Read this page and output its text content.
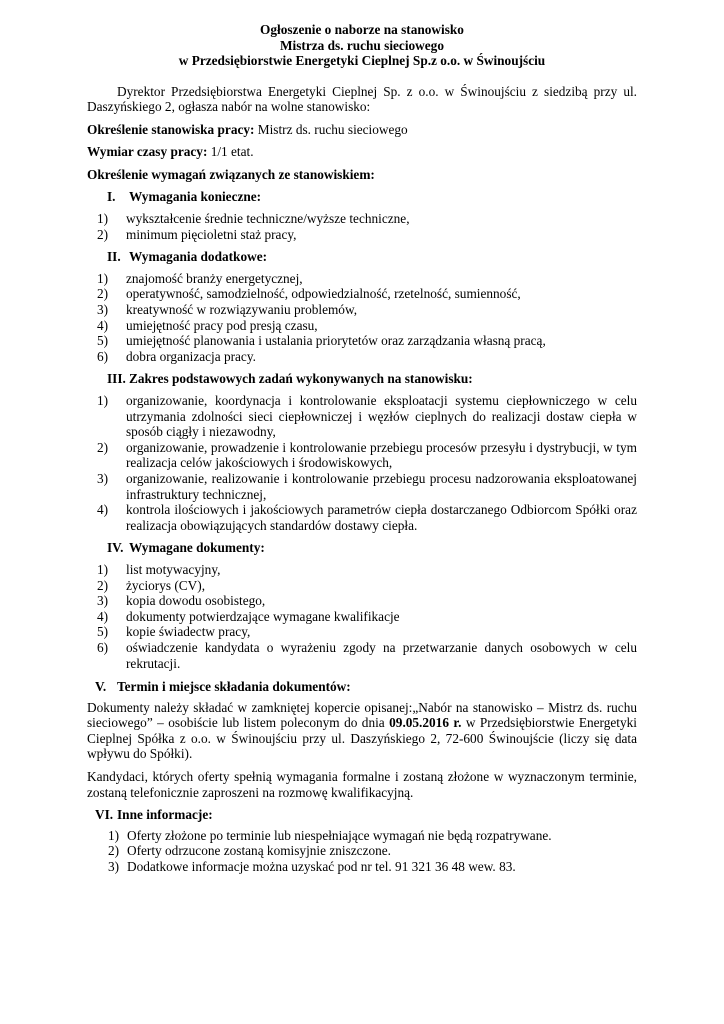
Ogłoszenie o naborze na stanowisko
Mistrza ds. ruchu sieciowego
w Przedsiębiorstwie Energetyki Cieplnej Sp.z o.o. w Świnoujściu
Dyrektor Przedsiębiorstwa Energetyki Cieplnej Sp. z o.o. w Świnoujściu z siedzibą przy ul. Daszyńskiego 2, ogłasza nabór na wolne stanowisko:
Określenie stanowiska pracy: Mistrz ds. ruchu sieciowego
Wymiar czasy pracy: 1/1 etat.
Określenie wymagań związanych ze stanowiskiem:
I.	Wymagania konieczne:
1)	wykształcenie średnie techniczne/wyższe techniczne,
2)	minimum pięcioletni staż pracy,
II. Wymagania dodatkowe:
1)	znajomość branży energetycznej,
2)	operatywność, samodzielność, odpowiedzialność, rzetelność, sumienność,
3)	kreatywność w rozwiązywaniu problemów,
4)	umiejętność pracy pod presją czasu,
5)	umiejętność planowania i ustalania priorytetów oraz zarządzania własną pracą,
6)	dobra organizacja pracy.
III. Zakres podstawowych zadań wykonywanych na stanowisku:
1)	organizowanie, koordynacja i kontrolowanie eksploatacji systemu ciepłowniczego w celu utrzymania zdolności sieci ciepłowniczej i węzłów cieplnych do realizacji dostaw ciepła w sposób ciągły i niezawodny,
2)	organizowanie, prowadzenie i kontrolowanie przebiegu procesów przesyłu i dystrybucji, w tym realizacja celów jakościowych i środowiskowych,
3)	organizowanie, realizowanie i kontrolowanie przebiegu procesu nadzorowania eksploatowanej infrastruktury technicznej,
4)	kontrola ilościowych i jakościowych parametrów ciepła dostarczanego Odbiorcom Spółki oraz realizacja obowiązujących standardów dostawy ciepła.
IV. Wymagane dokumenty:
1)	list motywacyjny,
2)	życiorys (CV),
3)	kopia dowodu osobistego,
4)	dokumenty potwierdzające wymagane kwalifikacje
5)	kopie świadectw pracy,
6)	oświadczenie kandydata o wyrażeniu zgody na przetwarzanie danych osobowych w celu rekrutacji.
V. Termin i miejsce składania dokumentów:
Dokumenty należy składać w zamkniętej kopercie opisanej:„Nabór na stanowisko – Mistrz ds. ruchu sieciowego” – osobiście lub listem poleconym do dnia 09.05.2016 r. w Przedsiębiorstwie Energetyki Cieplnej Spółka z o.o. w Świnoujściu przy ul. Daszyńskiego 2, 72-600 Świnoujście (liczy się data wpływu do Spółki).
Kandydaci, których oferty spełnią wymagania formalne i zostaną złożone w wyznaczonym terminie, zostaną telefonicznie zaproszeni na rozmowę kwalifikacyjną.
VI. Inne informacje:
1) Oferty złożone po terminie lub niespełniające wymagań nie będą rozpatrywane.
2) Oferty odrzucone zostaną komisyjnie zniszczone.
3) Dodatkowe informacje można uzyskać pod nr tel. 91 321 36 48 wew. 83.
